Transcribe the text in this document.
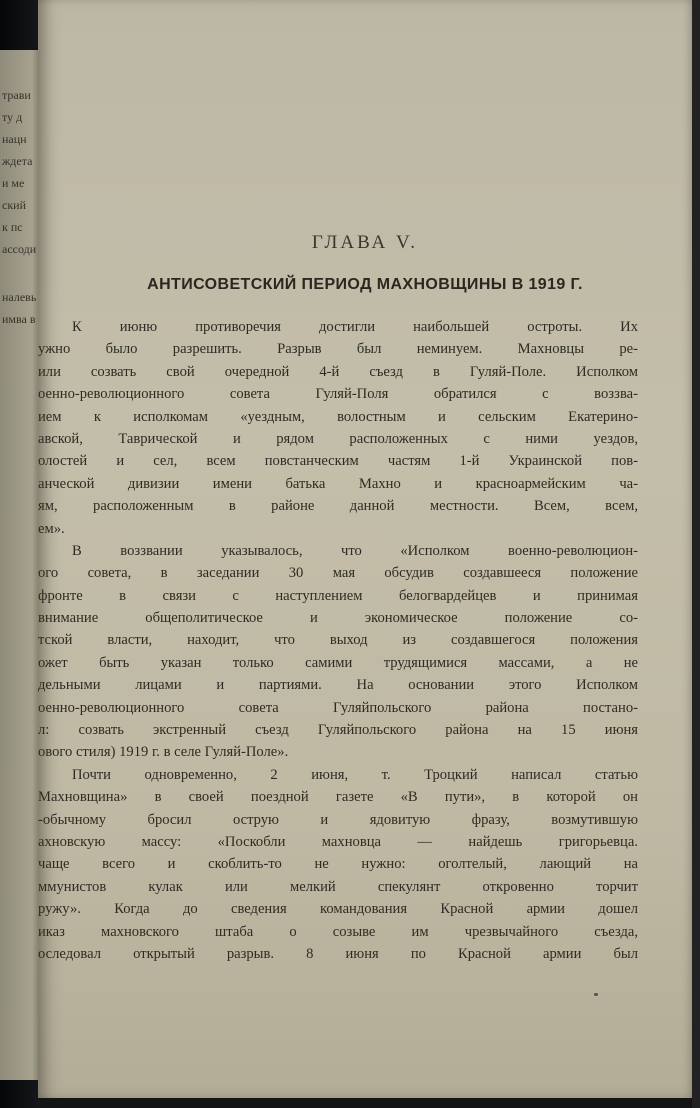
трави
ту д
нацн
ждета
и ме
ский
к пс
ассоди
налевь
имва в
ГЛАВА V.
АНТИСОВЕТСКИЙ ПЕРИОД МАХНОВЩИНЫ В 1919 Г.
К июню противоречия достигли наибольшей остроты. Их
ужно было разрешить. Разрыв был неминуем. Махновцы ре-
или созвать свой очередной 4-й съезд в Гуляй-Поле. Исполком
оенно-революционного совета Гуляй-Поля обратился с воззва-
ием к исполкомам «уездным, волостным и сельским Екатерино-
авской, Таврической и рядом расположенных с ними уездов,
олостей и сел, всем повстанческим частям 1-й Украинской пов-
анческой дивизии имени батька Махно и красноармейским ча-
ям, расположенным в районе данной местности. Всем, всем,
ем».
В воззвании указывалось, что «Исполком военно-революцион-
ого совета, в заседании 30 мая обсудив создавшееся положение
фронте в связи с наступлением белогвардейцев и принимая
внимание общеполитическое и экономическое положение со-
тской власти, находит, что выход из создавшегося положения
ожет быть указан только самими трудящимися массами, а не
дельными лицами и партиями. На основании этого Исполком
оенно-революционного совета Гуляйпольского района постано-
л: созвать экстренный съезд Гуляйпольского района на 15 июня
ового стиля) 1919 г. в селе Гуляй-Поле».
Почти одновременно, 2 июня, т. Троцкий написал статью
Махновщина» в своей поездной газете «В пути», в которой он
-обычному бросил острую и ядовитую фразу, возмутившую
ахновскую массу: «Поскобли махновца — найдешь григорьевца.
чаще всего и скоблить-то не нужно: оголтелый, лающий на
ммунистов кулак или мелкий спекулянт откровенно торчит
ружу». Когда до сведения командования Красной армии дошел
иказ махновского штаба о созыве им чрезвычайного съезда,
оследовал открытый разрыв. 8 июня по Красной армии был
